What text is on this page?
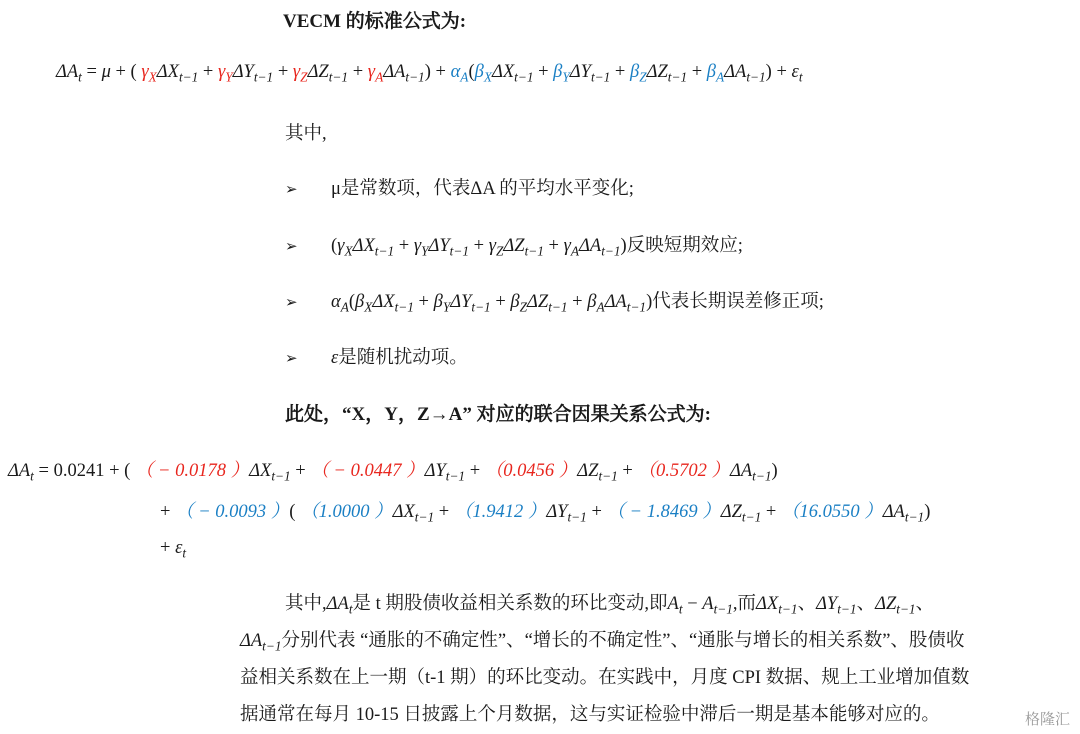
VECM 的标准公式为:
$\Delta A_t = \mu$ + ( $\gamma_X\Delta X_{t-1} + \gamma_Y\Delta Y_{t-1} + \gamma_Z\Delta Z_{t-1} + \gamma_A\Delta A_{t-1}) + \alpha_A(\beta_X\Delta X_{t-1} + \beta_Y\Delta Y_{t-1} + \beta_Z\Delta Z_{t-1} + \beta_A\Delta A_{t-1}) + \varepsilon_t$
其中,
➢ μ是常数项，代表ΔA 的平均水平变化;
➢ $(\gamma_X\Delta X_{t-1} + \gamma_Y\Delta Y_{t-1} + \gamma_Z\Delta Z_{t-1} + \gamma_A\Delta A_{t-1})$反映短期效应;
➢ $\alpha_A(\beta_X\Delta X_{t-1} + \beta_Y\Delta Y_{t-1} + \beta_Z\Delta Z_{t-1} + \beta_A\Delta A_{t-1})$代表长期误差修正项;
➢ ε是随机扰动项。
此处，“X，Y，Z→A” 对应的联合因果关系公式为:
$\Delta A_t = 0.0241$ + ( （ − 0.0178 ）$\Delta X_{t-1}$ + （ − 0.0447 ）$\Delta Y_{t-1} + (0.0456$ ）$\Delta Z_{t-1} + (0.5702$ ）$\Delta A_{t-1}$)
+ （ − 0.0093 ）( （1.0000 ）$\Delta X_{t-1} + (1.9412$ ）$\Delta Y_{t-1}$ + （ − 1.8469 ）$\Delta Z_{t-1} + (16.0550$ ）$\Delta A_{t-1}$)
+ $\varepsilon_t$
其中$,\Delta A_t$是 t 期股债收益相关系数的环比变动,即$A_t - A_{t-1}$,而$\Delta X_{t-1}$、$\Delta Y_{t-1}$、$\Delta Z_{t-1}$、
$\Delta A_{t-1}$分别代表 “通胀的不确定性”、“增长的不确定性”、“通胀与增长的相关系数”、股债收
益相关系数在上一期（t-1 期）的环比变动。在实践中，月度 CPI 数据、规上工业增加值数
据通常在每月 10-15 日披露上个月数据，这与实证检验中滞后一期是基本能够对应的。	格隆汇
